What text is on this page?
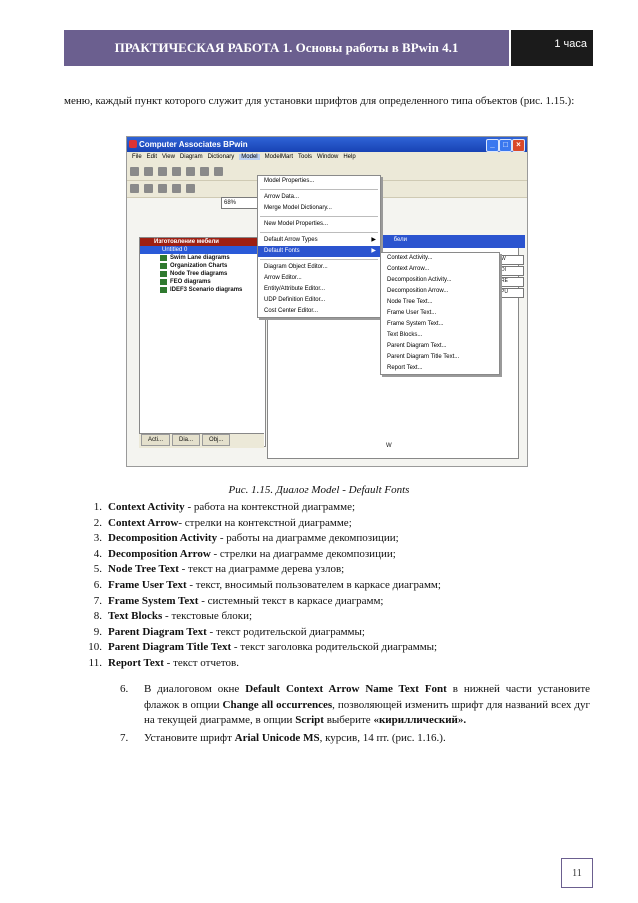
ПРАКТИЧЕСКАЯ РАБОТА 1. Основы работы в BPwin 4.1	1 часа
меню, каждый пункт которого служит для установки шрифтов для определенного типа объектов (рис. 1.15.):
Computer Associates BPwin	_	□	×
File Edit View Diagram Dictionary Model ModelMart Tools Window Help
68%
Изготовление мебели
Untitled 0
Swim Lane diagrams
Organization Charts
Node Tree diagrams
FEO diagrams
IDEF3 Scenario diagrams
Acti...	Dia...	Obj...
W
бели
W
DI
RE
PU
Model Properties...
Arrow Data...
Merge Model Dictionary...
New Model Properties...
Default Arrow Types	▶
Default Fonts	▶
Diagram Object Editor...
Arrow Editor...
Entity/Attribute Editor...
UDP Definition Editor...
Cost Center Editor...
Context Activity...
Context Arrow...
Decomposition Activity...
Decomposition Arrow...
Node Tree Text...
Frame User Text...
Frame System Text...
Text Blocks...
Parent Diagram Text...
Parent Diagram Title Text...
Report Text...
Рис. 1.15. Диалог Model - Default Fonts
1. Context Activity - работа на контекстной диаграмме;
2. Context Arrow- стрелки на контекстной диаграмме;
3. Decomposition Activity - работы на диаграмме декомпозиции;
4. Decomposition Arrow - стрелки на диаграмме декомпозиции;
5. Node Tree Text - текст на диаграмме дерева узлов;
6. Frame User Text - текст, вносимый пользователем в каркасе диаграмм;
7. Frame System Text - системный текст в каркасе диаграмм;
8. Text Blocks - текстовые блоки;
9. Parent Diagram Text - текст родительской диаграммы;
10. Parent Diagram Title Text - текст заголовка родительской диаграммы;
11. Report Text - текст отчетов.
6. В диалоговом окне Default Context Arrow Name Text Font в нижней части установите флажок в опции Change all occurrences, позволяющей изменить шрифт для названий всех дуг на текущей диаграмме, в опции Script выберите «кириллический».
7. Установите шрифт Arial Unicode MS, курсив, 14 пт. (рис. 1.16.).
11
